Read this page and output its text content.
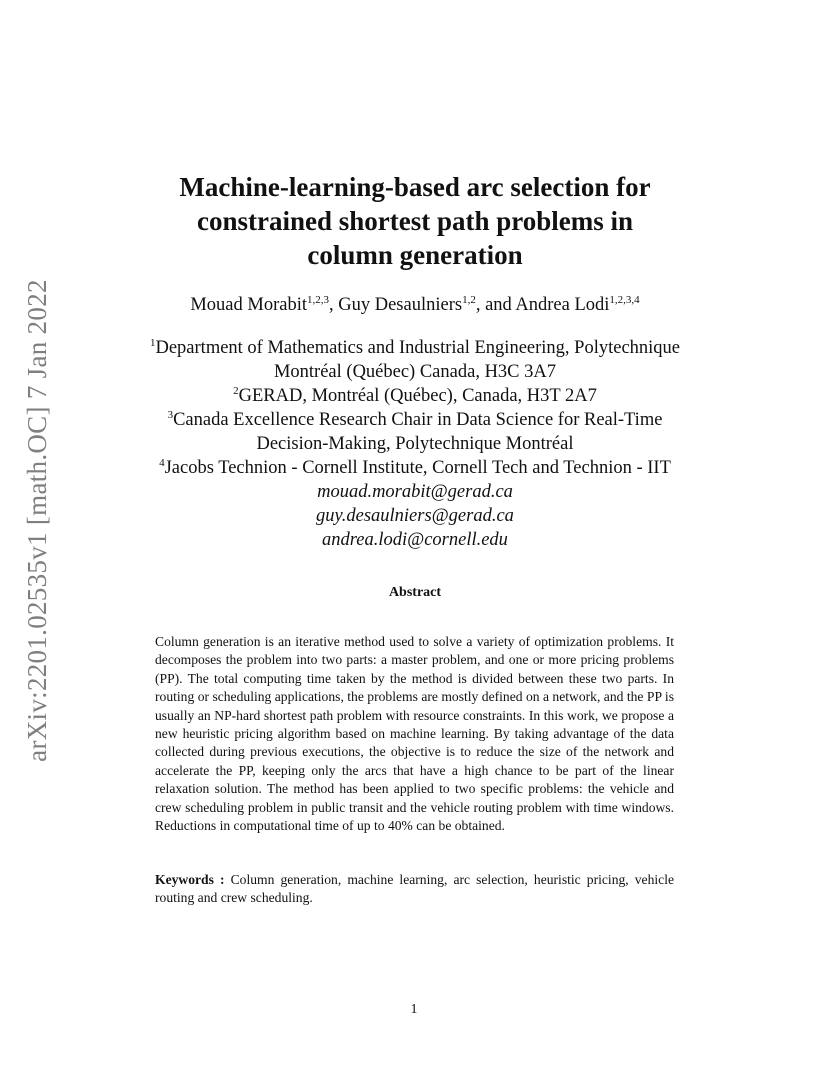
arXiv:2201.02535v1 [math.OC] 7 Jan 2022
Machine-learning-based arc selection for
constrained shortest path problems in
column generation
Mouad Morabit$^{1,2,3}$, Guy Desaulniers$^{1,2}$, and Andrea Lodi$^{1,2,3,4}$
$^1$Department of Mathematics and Industrial Engineering, Polytechnique
Montréal (Québec) Canada, H3C 3A7
$^2$GERAD, Montréal (Québec), Canada, H3T 2A7
$^3$Canada Excellence Research Chair in Data Science for Real-Time
Decision-Making, Polytechnique Montréal
$^4$Jacobs Technion - Cornell Institute, Cornell Tech and Technion - IIT
mouad.morabit@gerad.ca
guy.desaulniers@gerad.ca
andrea.lodi@cornell.edu
Abstract

Column generation is an iterative method used to solve a variety of optimization problems. It decomposes the problem into two parts: a master problem, and one or more pricing problems (PP). The total computing time taken by the method is divided between these two parts. In routing or scheduling applications, the problems are mostly defined on a network, and the PP is usually an NP-hard shortest path problem with resource constraints. In this work, we propose a new heuristic pricing algorithm based on machine learning. By taking advantage of the data collected during previous executions, the objective is to reduce the size of the network and accelerate the PP, keeping only the arcs that have a high chance to be part of the linear relaxation solution. The method has been applied to two specific problems: the vehicle and crew scheduling problem in public transit and the vehicle routing problem with time windows. Reductions in computational time of up to 40% can be obtained.

Keywords : Column generation, machine learning, arc selection, heuristic pricing, vehicle routing and crew scheduling.

1
